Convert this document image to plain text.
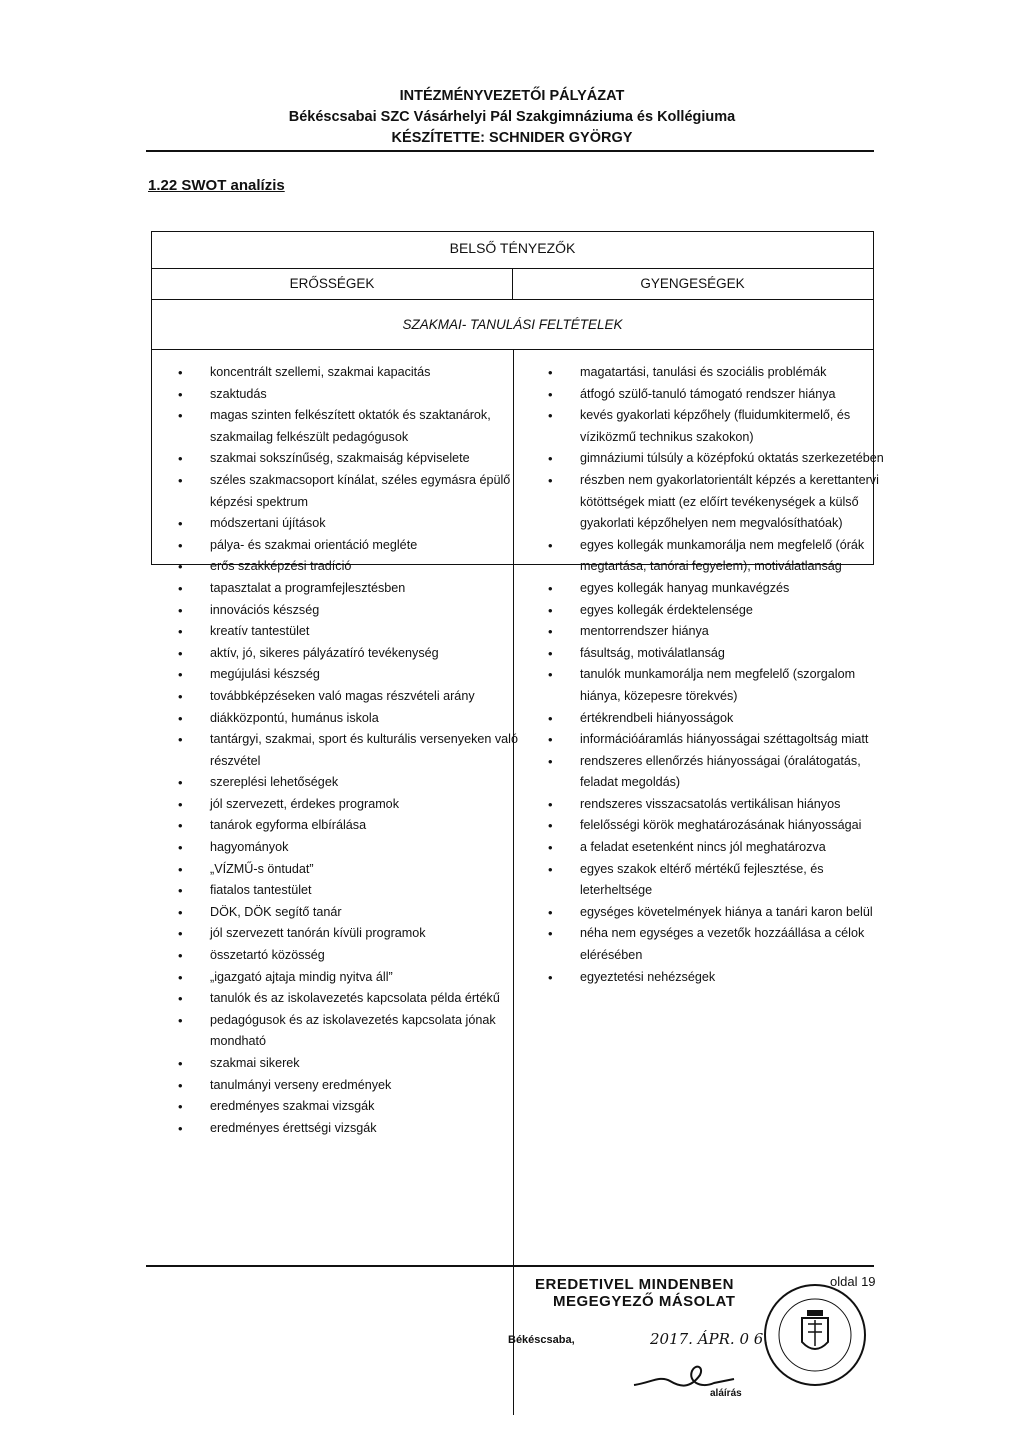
INTÉZMÉNYVEZETŐI PÁLYÁZAT
Békéscsabai SZC Vásárhelyi Pál Szakgimnáziuma és Kollégiuma
KÉSZÍTETTE: SCHNIDER GYÖRGY
1.22 SWOT analízis
BELSŐ TÉNYEZŐK
ERŐSSÉGEK	GYENGESÉGEK
SZAKMAI- TANULÁSI FELTÉTELEK
• koncentrált szellemi, szakmai kapacitás
• szaktudás
• magas szinten felkészített oktatók és szaktanárok, szakmailag felkészült pedagógusok
• szakmai sokszínűség, szakmaiság képviselete
• széles szakmacsoport kínálat, széles egymásra épülő képzési spektrum
• módszertani újítások
• pálya- és szakmai orientáció megléte
• erős szakképzési tradíció
• tapasztalat a programfejlesztésben
• innovációs készség
• kreatív tantestület
• aktív, jó, sikeres pályázatíró tevékenység
• megújulási készség
• továbbképzéseken való magas részvételi arány
• diákközpontú, humánus iskola
• tantárgyi, szakmai, sport és kulturális versenyeken való részvétel
• szereplési lehetőségek
• jól szervezett, érdekes programok
• tanárok egyforma elbírálása
• hagyományok
• „VÍZMŰ-s öntudat”
• fiatalos tantestület
• DÖK, DÖK segítő tanár
• jól szervezett tanórán kívüli programok
• összetartó közösség
• „igazgató ajtaja mindig nyitva áll”
• tanulók és az iskolavezetés kapcsolata példa értékű
• pedagógusok és az iskolavezetés kapcsolata jónak mondható
• szakmai sikerek
• tanulmányi verseny eredmények
• eredményes szakmai vizsgák
• eredményes érettségi vizsgák
• magatartási, tanulási és szociális problémák
• átfogó szülő-tanuló támogató rendszer hiánya
• kevés gyakorlati képzőhely (fluidumkitermelő, és víziközmű technikus szakokon)
• gimnáziumi túlsúly a középfokú oktatás szerkezetében
• részben nem gyakorlatorientált képzés a kerettantervi kötöttségek miatt (ez előírt tevékenységek a külső gyakorlati képzőhelyen nem megvalósíthatóak)
• egyes kollegák munkamorálja nem megfelelő (órák megtartása, tanórai fegyelem), motiválatlanság
• egyes kollegák hanyag munkavégzés
• egyes kollegák érdektelensége
• mentorrendszer hiánya
• fásultság, motiválatlanság
• tanulók munkamorálja nem megfelelő (szorgalom hiánya, közepesre törekvés)
• értékrendbeli hiányosságok
• információáramlás hiányosságai széttagoltság miatt
• rendszeres ellenőrzés hiányosságai (óralátogatás, feladat megoldás)
• rendszeres visszacsatolás vertikálisan hiányos
• felelősségi körök meghatározásának hiányosságai
• a feladat esetenként nincs jól meghatározva
• egyes szakok eltérő mértékű fejlesztése, és leterheltsége
• egységes követelmények hiánya a tanári karon belül
• néha nem egységes a vezetők hozzáállása a célok elérésében
• egyeztetési nehézségek
EREDETIVEL MINDENBEN
MEGEGYEZŐ MÁSOLAT
Békéscsaba,	2017. ÁPR. 0 6.
oldal 19
aláírás
